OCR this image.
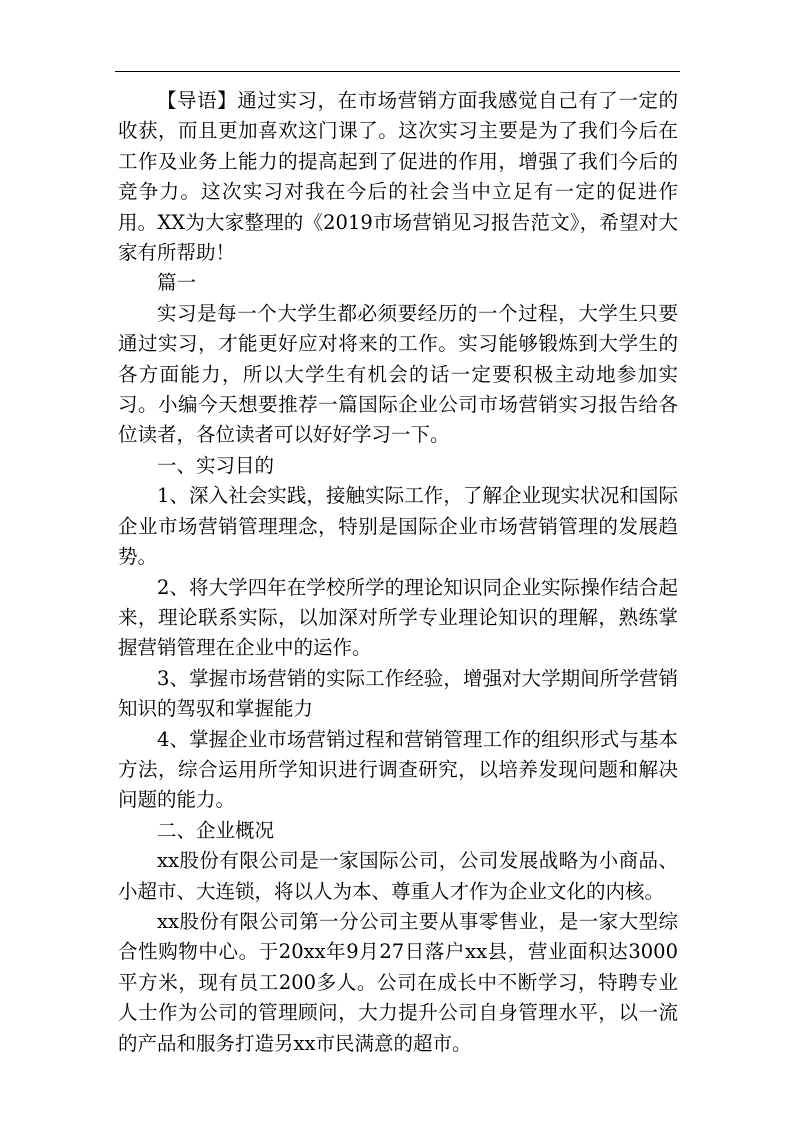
【导语】通过实习，在市场营销方面我感觉自己有了一定的收获，而且更加喜欢这门课了。这次实习主要是为了我们今后在工作及业务上能力的提高起到了促进的作用，增强了我们今后的竞争力。这次实习对我在今后的社会当中立足有一定的促进作用。XX为大家整理的《2019市场营销见习报告范文》，希望对大家有所帮助！

篇一

实习是每一个大学生都必须要经历的一个过程，大学生只要通过实习，才能更好应对将来的工作。实习能够锻炼到大学生的各方面能力，所以大学生有机会的话一定要积极主动地参加实习。小编今天想要推荐一篇国际企业公司市场营销实习报告给各位读者，各位读者可以好好学习一下。

一、实习目的

1、深入社会实践，接触实际工作，了解企业现实状况和国际企业市场营销管理理念，特别是国际企业市场营销管理的发展趋势。

2、将大学四年在学校所学的理论知识同企业实际操作结合起来，理论联系实际，以加深对所学专业理论知识的理解，熟练掌握营销管理在企业中的运作。

3、掌握市场营销的实际工作经验，增强对大学期间所学营销知识的驾驭和掌握能力

4、掌握企业市场营销过程和营销管理工作的组织形式与基本方法，综合运用所学知识进行调查研究，以培养发现问题和解决问题的能力。

二、企业概况

xx股份有限公司是一家国际公司，公司发展战略为小商品、小超市、大连锁，将以人为本、尊重人才作为企业文化的内核。

xx股份有限公司第一分公司主要从事零售业，是一家大型综合性购物中心。于20xx年9月27日落户xx县，营业面积达3000平方米，现有员工200多人。公司在成长中不断学习，特聘专业人士作为公司的管理顾问，大力提升公司自身管理水平，以一流的产品和服务打造另xx市民满意的超市。
